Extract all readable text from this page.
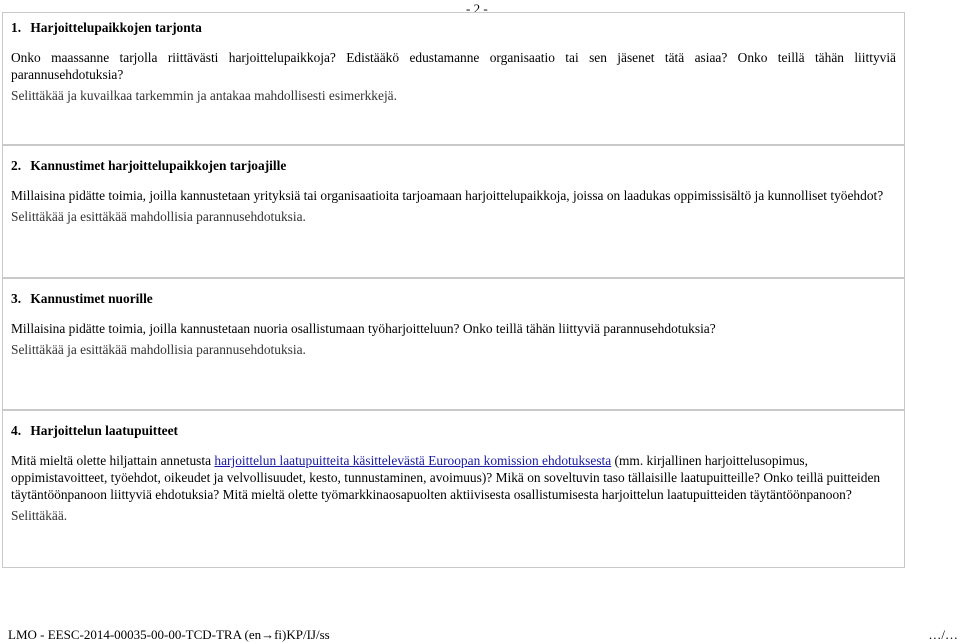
- 2 -

1. Harjoittelupaikkojen tarjonta

Onko maassanne tarjolla riittävästi harjoittelupaikkoja? Edistääkö edustamanne organisaatio tai sen jäsenet tätä asiaa? Onko teillä tähän liittyviä parannusehdotuksia?

Selittäkää ja kuvailkaa tarkemmin ja antakaa mahdollisesti esimerkkejä.

2. Kannustimet harjoittelupaikkojen tarjoajille

Millaisina pidätte toimia, joilla kannustetaan yrityksiä tai organisaatioita tarjoamaan harjoittelupaikkoja, joissa on laadukas oppimissisältö ja kunnolliset työehdot?

Selittäkää ja esittäkää mahdollisia parannusehdotuksia.

3. Kannustimet nuorille

Millaisina pidätte toimia, joilla kannustetaan nuoria osallistumaan työharjoitteluun? Onko teillä tähän liittyviä parannusehdotuksia?

Selittäkää ja esittäkää mahdollisia parannusehdotuksia.

4. Harjoittelun laatupuitteet

Mitä mieltä olette hiljattain annetusta harjoittelun laatupuitteita käsittelevästä Euroopan komission ehdotuksesta (mm. kirjallinen harjoittelusopimus, oppimistavoitteet, työehdot, oikeudet ja velvollisuudet, kesto, tunnustaminen, avoimuus)? Mikä on soveltuvin taso tällaisille laatupuitteille? Onko teillä puitteiden täytäntöönpanoon liittyviä ehdotuksia? Mitä mieltä olette työmarkkinaosapuolten aktiivisesta osallistumisesta harjoittelun laatupuitteiden täytäntöönpanoon?

Selittäkää.

LMO - EESC-2014-00035-00-00-TCD-TRA (en→fi)KP/IJ/ss	…/…
